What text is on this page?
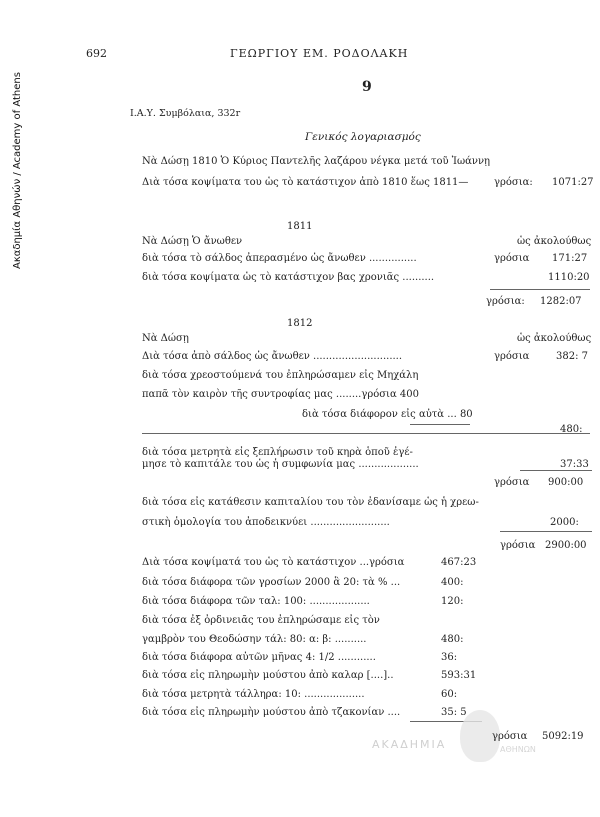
Ακαδημία Αθηνών / Academy of Athens
692	ΓΕΩΡΓΙΟΥ ΕΜ. ΡΟΔΟΛΑΚΗ
9
Ι.Α.Υ. Συμβόλαια, 332r
Γενικός λογαριασμός
Νὰ Δώσῃ 1810 Ὁ Κύριος Παντελῆς λαζάρου νέγκα μετά τοῦ Ἰωάννῃ
Διὰ τόσα κοψίματα του ὡς τὸ κατάστιχον ἀπὸ 1810 ἕως 1811—	γρόσια: 1071:27
1811
Νὰ Δώσῃ Ὁ ἄνωθεν	ὡς ἀκολούθως
διὰ τόσα τὸ σάλδος ἀπερασμένο ὡς ἄνωθεν ...............	γρόσια 171:27
διὰ τόσα κοψίματα ὡς τὸ κατάστιχον βας χρονιᾶς ..........	1110:20
γρόσια: 1282:07
1812
Νὰ Δώσῃ	ὡς ἀκολούθως
Διὰ τόσα ἀπὸ σάλδος ὡς ἄνωθεν ............................	γρόσια	382: 7
διὰ τόσα χρεοστούμενά του ἐπληρώσαμεν εἰς Μηχάλη
παπᾶ τὸν καιρὸν τῆς συντροφίας μας ........γρόσια 400
διὰ τόσα διάφορον εἰς αὐτὰ ... 80
480:
διὰ τόσα μετρητὰ εἰς ξεπλήρωσιν τοῦ κηρὰ ὁποῦ ἐγέ-
μησε τὸ καπιτάλε του ὡς ἡ συμφωνία μας ...................	37:33
γρόσια 900:00
διὰ τόσα εἰς κατάθεσιν καπιταλίου του τὸν ἐδανίσαμε ὡς ἡ χρεω-
στικὴ ὁμολογία του ἀποδεικνύει .........................	2000:
γρόσια 2900:00
Διὰ τόσα κοψίματά του ὡς τὸ κατάστιχον ...γρόσια	467:23
διὰ τόσα διάφορα τῶν γροσίων 2000 ἃ 20: τὰ % ...	400:
διὰ τόσα διάφορα τῶν ταλ: 100: ...................	120:
διὰ τόσα ἐξ ὀρδινειᾶς του ἐπληρώσαμε εἰς τὸν
γαμβρὸν του Θεοδώσην τάλ: 80: α: β: ..........	480:
διὰ τόσα διάφορα αὐτῶν μῆνας 4: 1/2 ............	36:
διὰ τόσα εἰς πληρωμὴν μούστου ἀπὸ καλαρ [....]..	593:31
διὰ τόσα μετρητὰ τάλληρα: 10: ...................	60:
διὰ τόσα εἰς πληρωμὴν μούστου ἀπὸ τζακονίαν ....	35: 5
ΑΚΑΔΗΜΙΑ	ΑΘΗΝΩΝ
γρόσια 5092:19
